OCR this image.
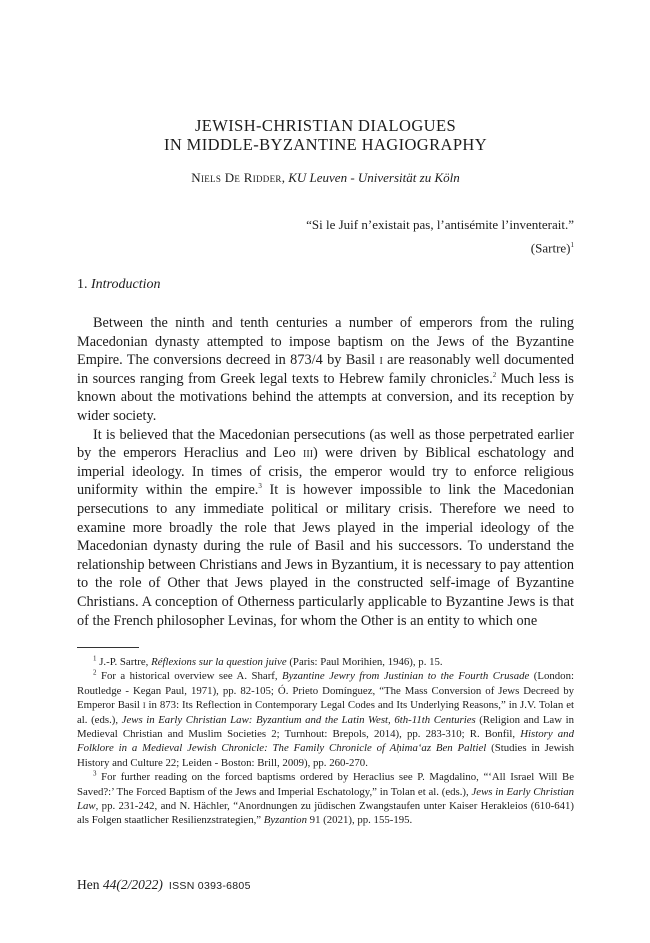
JEWISH-CHRISTIAN DIALOGUES
IN MIDDLE-BYZANTINE HAGIOGRAPHY
Niels De Ridder, KU Leuven - Universität zu Köln
“Si le Juif n’existait pas, l’antisémite l’inventerait.”
(Sartre)$^1$
1. Introduction

Between the ninth and tenth centuries a number of emperors from the ruling Macedonian dynasty attempted to impose baptism on the Jews of the Byzantine Empire. The conversions decreed in 873/4 by Basil i are reasonably well documented in sources ranging from Greek legal texts to Hebrew family chronicles.$^2$ Much less is known about the motivations behind the attempts at conversion, and its reception by wider society.

It is believed that the Macedonian persecutions (as well as those perpetrated earlier by the emperors Heraclius and Leo iii) were driven by Biblical eschatology and imperial ideology. In times of crisis, the emperor would try to enforce religious uniformity within the empire.$^3$ It is however impossible to link the Macedonian persecutions to any immediate political or military crisis. Therefore we need to examine more broadly the role that Jews played in the imperial ideology of the Macedonian dynasty during the rule of Basil and his successors. To understand the relationship between Christians and Jews in Byzantium, it is necessary to pay attention to the role of Other that Jews played in the constructed self-image of Byzantine Christians. A conception of Otherness particularly applicable to Byzantine Jews is that of the French philosopher Levinas, for whom the Other is an entity to which one

$^1$ J.-P. Sartre, Réflexions sur la question juive (Paris: Paul Morihien, 1946), p. 15.

$^2$ For a historical overview see A. Sharf, Byzantine Jewry from Justinian to the Fourth Crusade (London: Routledge - Kegan Paul, 1971), pp. 82-105; Ó. Prieto Domínguez, “The Mass Conversion of Jews Decreed by Emperor Basil i in 873: Its Reflection in Contemporary Legal Codes and Its Underlying Reasons,” in J.V. Tolan et al. (eds.), Jews in Early Christian Law: Byzantium and the Latin West, 6th-11th Centuries (Religion and Law in Medieval Christian and Muslim Societies 2; Turnhout: Brepols, 2014), pp. 283-310; R. Bonfil, History and Folklore in a Medieval Jewish Chronicle: The Family Chronicle of Aḥima‘az Ben Paltiel (Studies in Jewish History and Culture 22; Leiden - Boston: Brill, 2009), pp. 260-270.

$^3$ For further reading on the forced baptisms ordered by Heraclius see P. Magdalino, “‘All Israel Will Be Saved?:’ The Forced Baptism of the Jews and Imperial Eschatology,” in Tolan et al. (eds.), Jews in Early Christian Law, pp. 231-242, and N. Hächler, “Anordnungen zu jüdischen Zwangstaufen unter Kaiser Herakleios (610-641) als Folgen staatlicher Resilienzstrategien,” Byzantion 91 (2021), pp. 155-195.

Hen 44(2/2022) ISSN 0393-6805
